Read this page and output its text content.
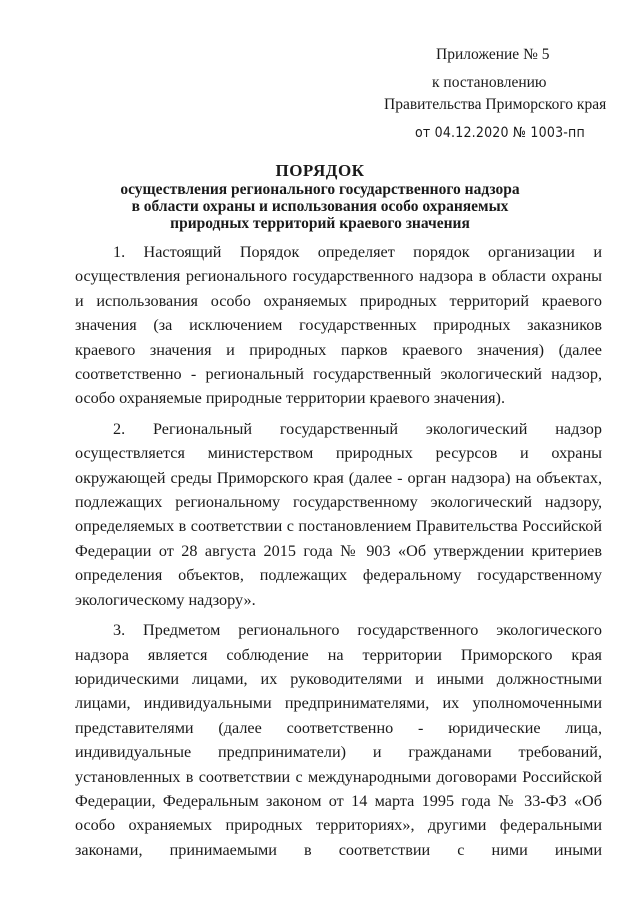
Приложение № 5
к постановлению
Правительства Приморского края
от 04.12.2020 № 1003-пп
ПОРЯДОК
осуществления регионального государственного надзора
в области охраны и использования особо охраняемых
природных территорий краевого значения

1. Настоящий Порядок определяет порядок организации и осуществления регионального государственного надзора в области охраны и использования особо охраняемых природных территорий краевого значения (за исключением государственных природных заказников краевого значения и природных парков краевого значения) (далее соответственно - региональный государственный экологический надзор, особо охраняемые природные территории краевого значения).

2. Региональный государственный экологический надзор осуществляется министерством природных ресурсов и охраны окружающей среды Приморского края (далее - орган надзора) на объектах, подлежащих региональному государственному экологический надзору, определяемых в соответствии с постановлением Правительства Российской Федерации от 28 августа 2015 года № 903 «Об утверждении критериев определения объектов, подлежащих федеральному государственному экологическому надзору».

3. Предметом регионального государственного экологического надзора является соблюдение на территории Приморского края юридическими лицами, их руководителями и иными должностными лицами, индивидуальными предпринимателями, их уполномоченными представителями (далее соответственно - юридические лица, индивидуальные предприниматели) и гражданами требований, установленных в соответствии с международными договорами Российской Федерации, Федеральным законом от 14 марта 1995 года № 33-ФЗ «Об особо охраняемых природных территориях», другими федеральными законами, принимаемыми в соответствии с ними иными
